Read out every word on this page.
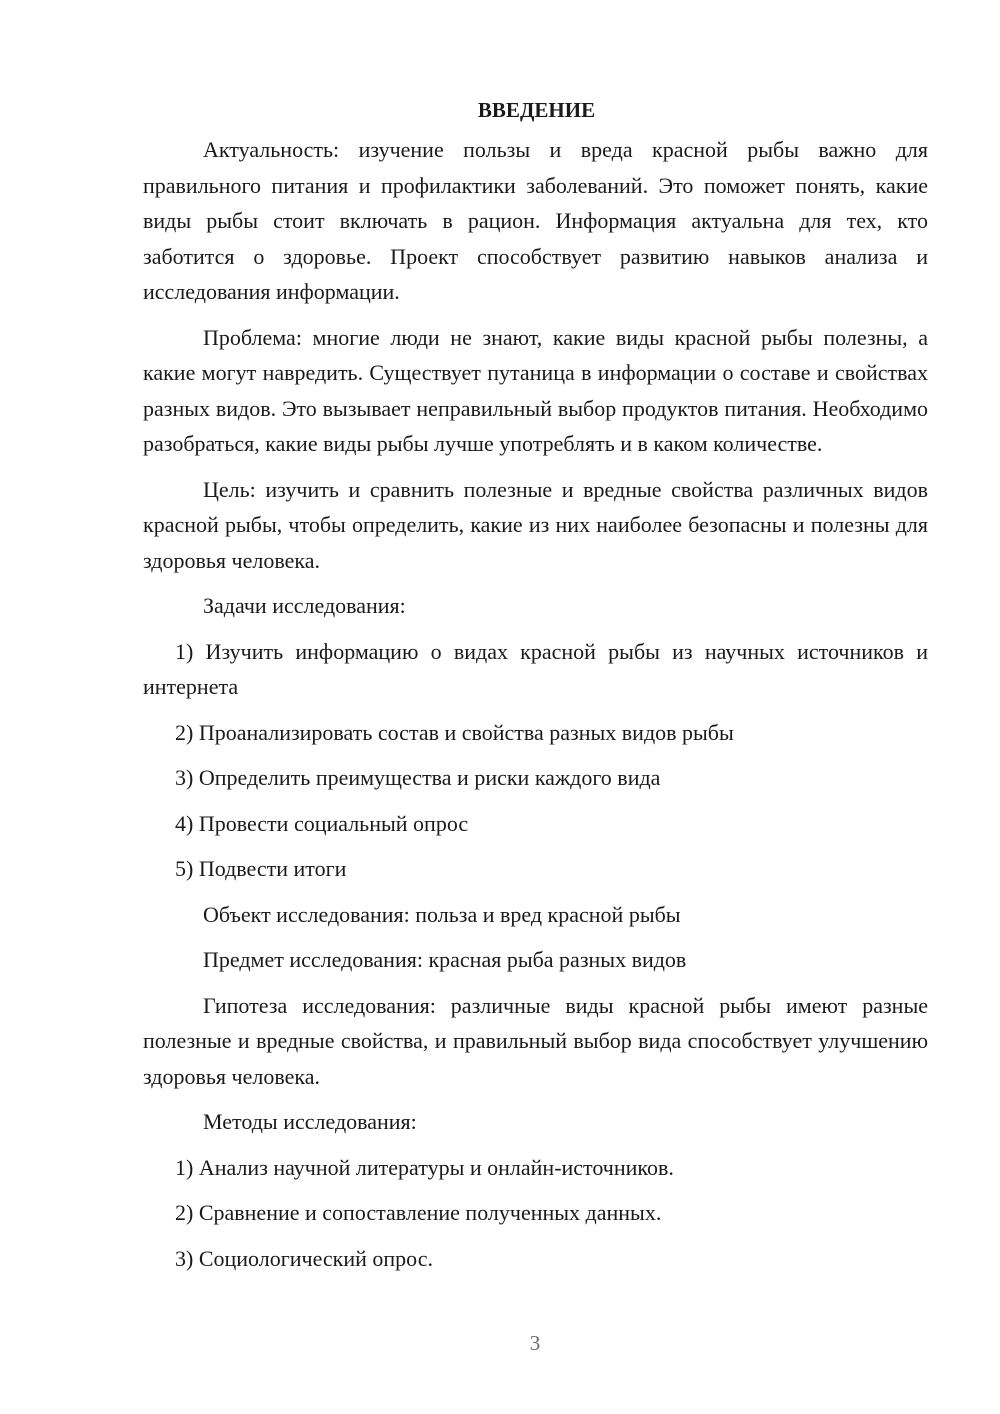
ВВЕДЕНИЕ

Актуальность: изучение пользы и вреда красной рыбы важно для правильного питания и профилактики заболеваний. Это поможет понять, какие виды рыбы стоит включать в рацион. Информация актуальна для тех, кто заботится о здоровье. Проект способствует развитию навыков анализа и исследования информации.

Проблема: многие люди не знают, какие виды красной рыбы полезны, а какие могут навредить. Существует путаница в информации о составе и свойствах разных видов. Это вызывает неправильный выбор продуктов питания. Необходимо разобраться, какие виды рыбы лучше употреблять и в каком количестве.

Цель: изучить и сравнить полезные и вредные свойства различных видов красной рыбы, чтобы определить, какие из них наиболее безопасны и полезны для здоровья человека.

Задачи исследования:

1) Изучить информацию о видах красной рыбы из научных источников и интернета

2) Проанализировать состав и свойства разных видов рыбы

3) Определить преимущества и риски каждого вида

4) Провести социальный опрос

5) Подвести итоги

Объект исследования: польза и вред красной рыбы

Предмет исследования: красная рыба разных видов

Гипотеза исследования: различные виды красной рыбы имеют разные полезные и вредные свойства, и правильный выбор вида способствует улучшению здоровья человека.

Методы исследования:

1) Анализ научной литературы и онлайн-источников.

2) Сравнение и сопоставление полученных данных.

3) Социологический опрос.

3
